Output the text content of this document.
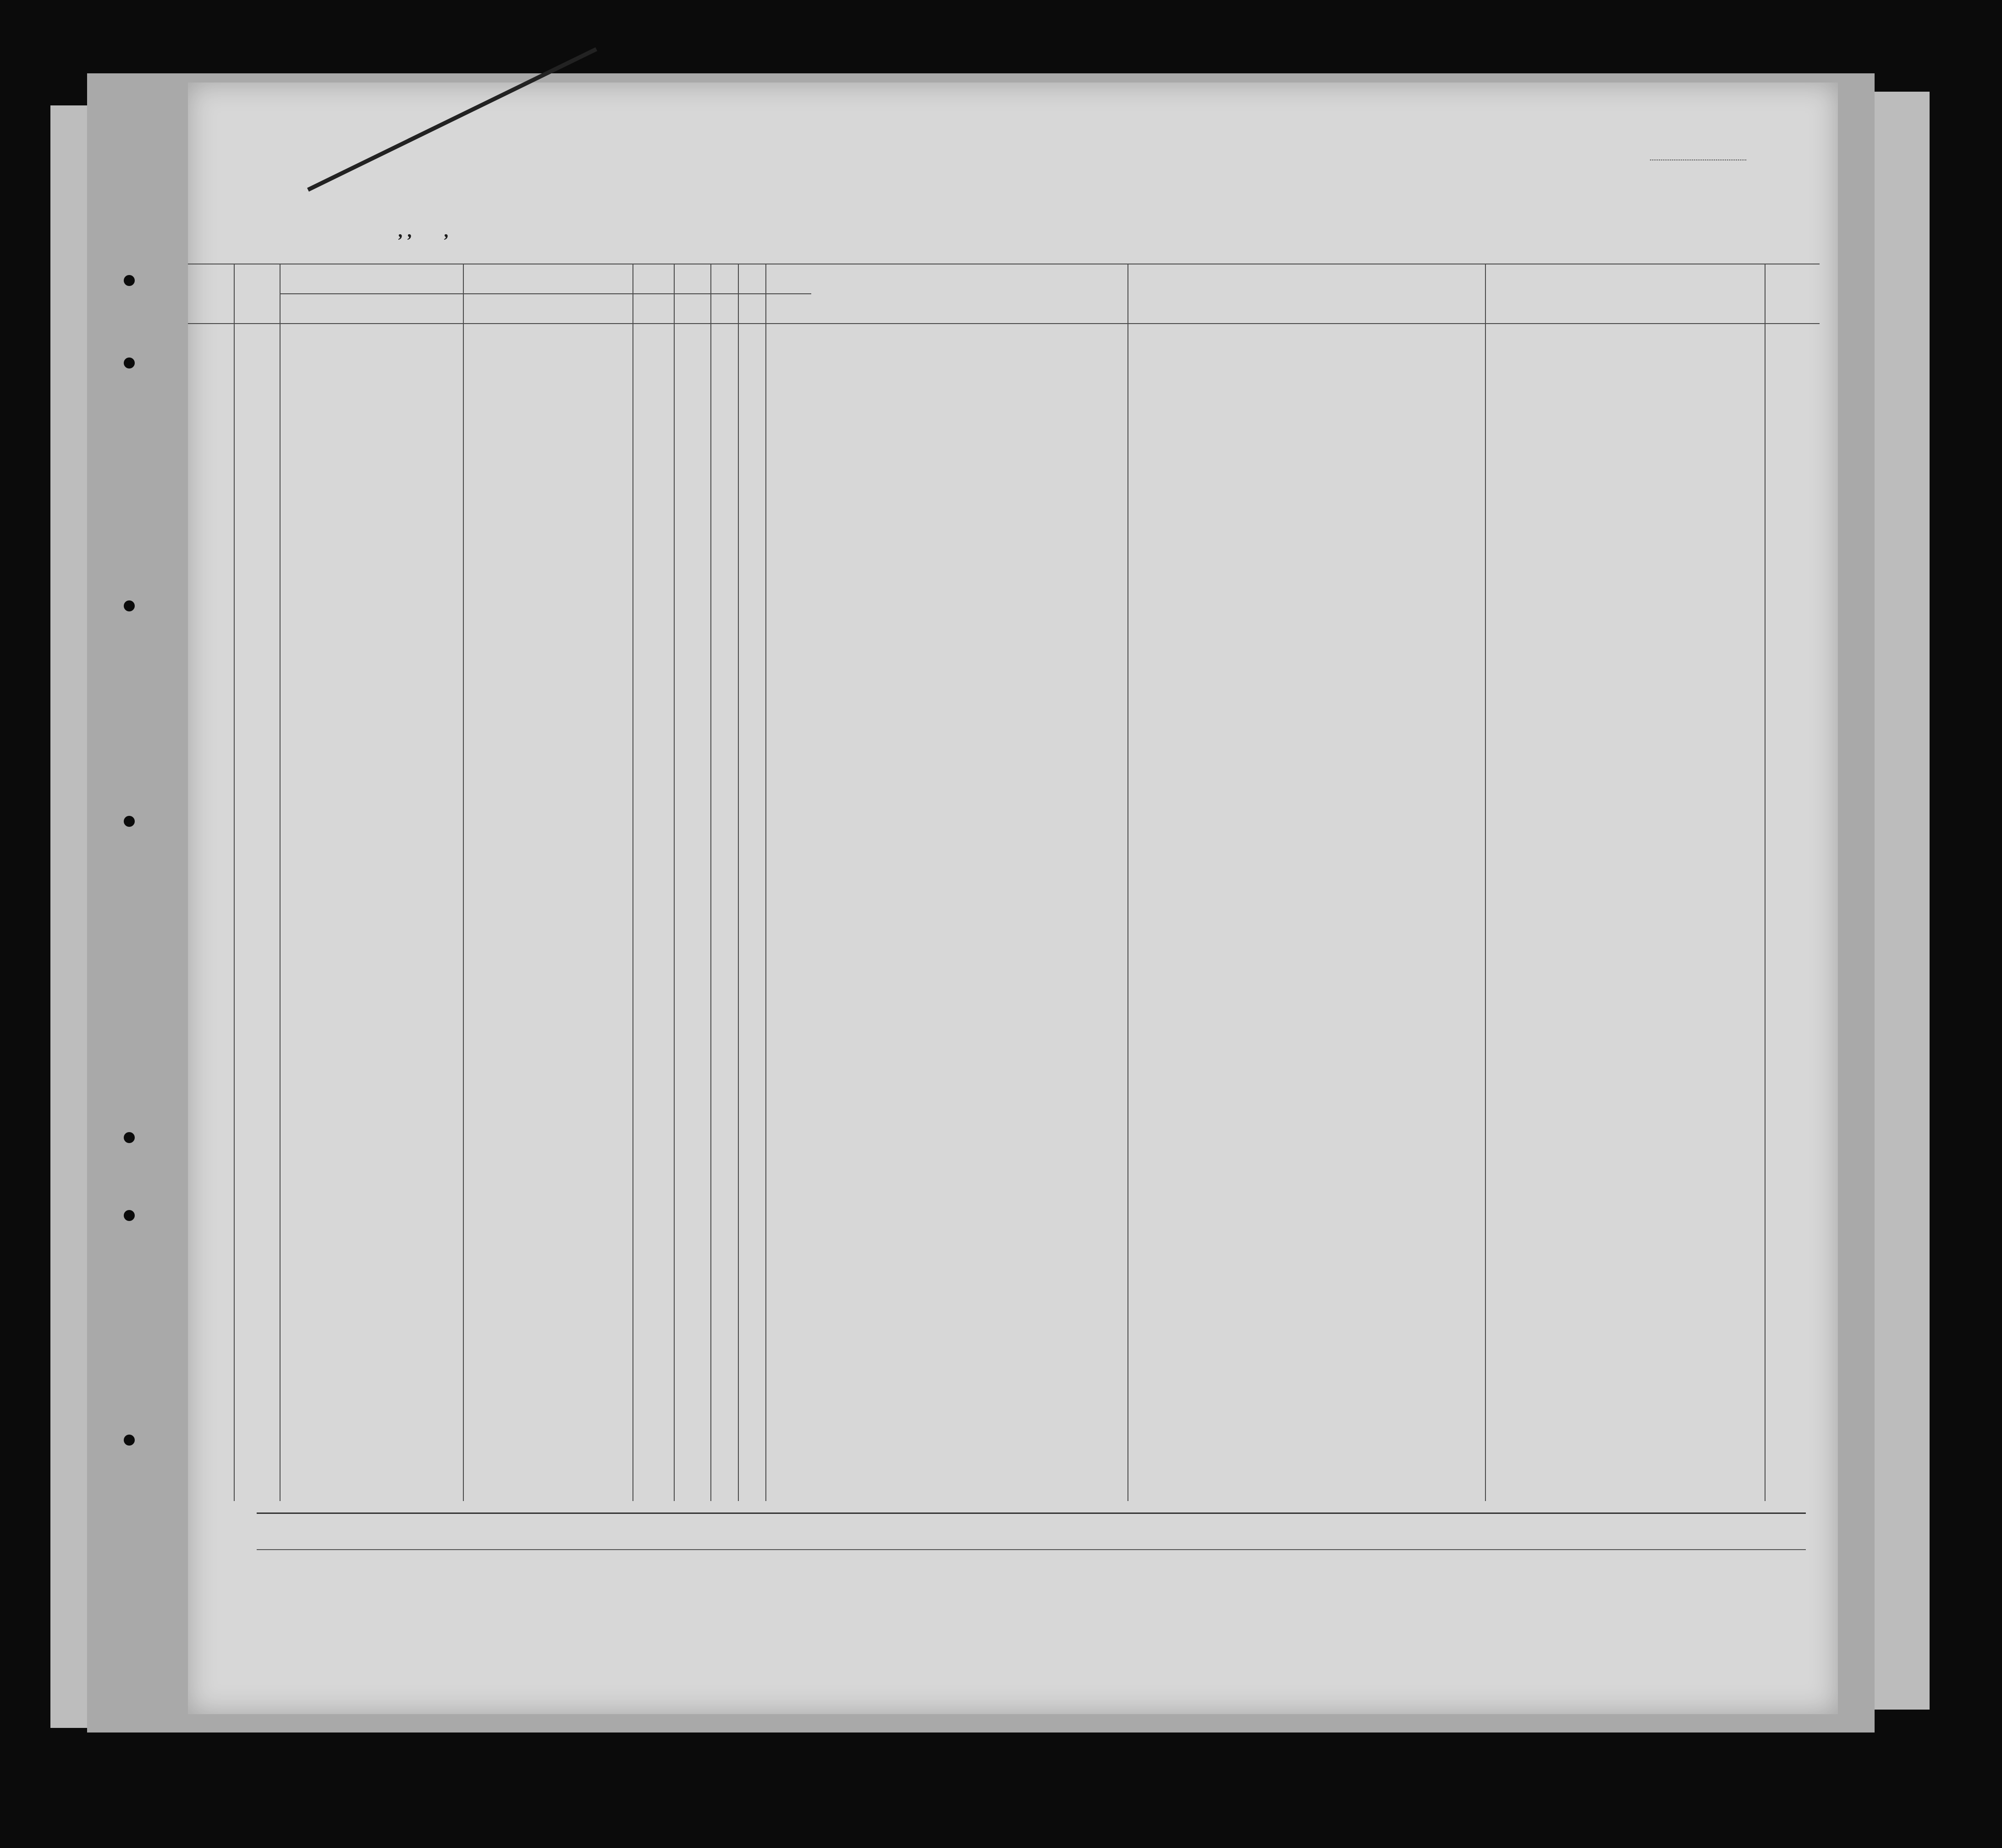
, , ,
